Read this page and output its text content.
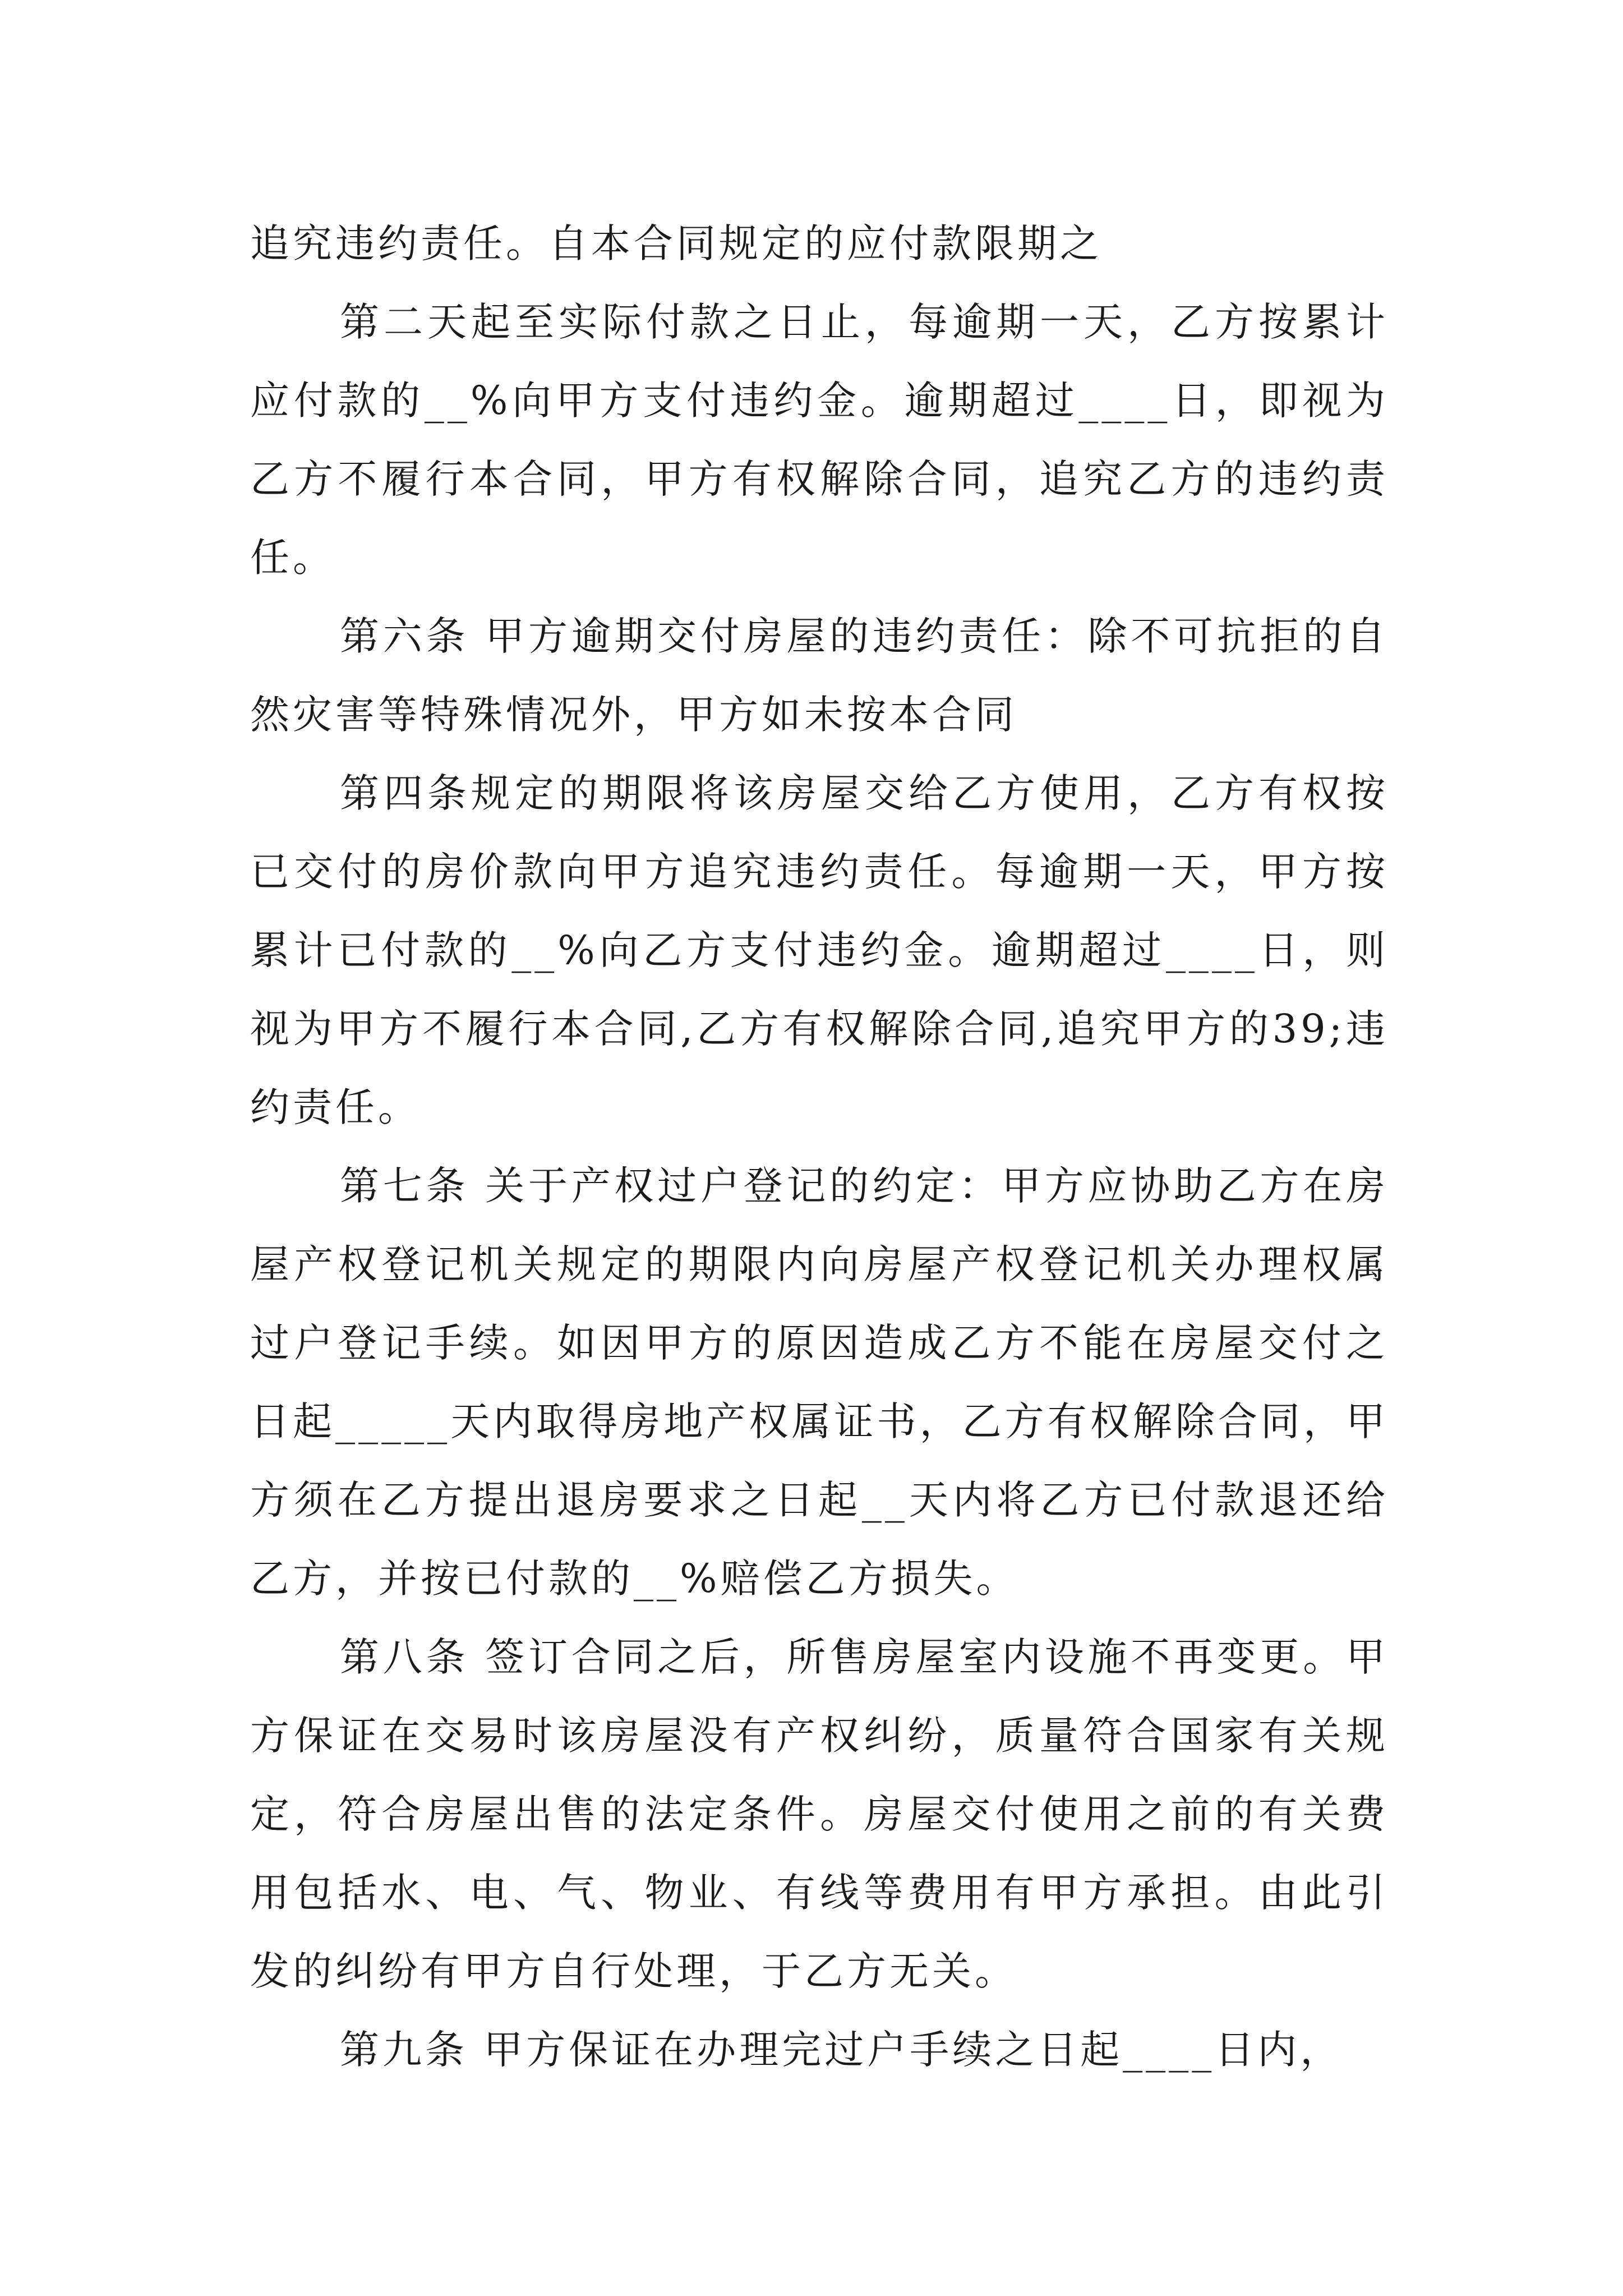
追究违约责任。自本合同规定的应付款限期之

第二天起至实际付款之日止，每逾期一天，乙方按累计应付款的__%向甲方支付违约金。逾期超过____日，即视为乙方不履行本合同，甲方有权解除合同，追究乙方的违约责任。

第六条 甲方逾期交付房屋的违约责任：除不可抗拒的自然灾害等特殊情况外，甲方如未按本合同

第四条规定的期限将该房屋交给乙方使用，乙方有权按已交付的房价款向甲方追究违约责任。每逾期一天，甲方按累计已付款的__%向乙方支付违约金。逾期超过____日，则视为甲方不履行本合同,乙方有权解除合同,追究甲方的39;违约责任。

第七条 关于产权过户登记的约定：甲方应协助乙方在房屋产权登记机关规定的期限内向房屋产权登记机关办理权属过户登记手续。如因甲方的原因造成乙方不能在房屋交付之日起_____天内取得房地产权属证书，乙方有权解除合同，甲方须在乙方提出退房要求之日起__天内将乙方已付款退还给乙方，并按已付款的__%赔偿乙方损失。

第八条 签订合同之后，所售房屋室内设施不再变更。甲方保证在交易时该房屋没有产权纠纷，质量符合国家有关规定，符合房屋出售的法定条件。房屋交付使用之前的有关费用包括水、电、气、物业、有线等费用有甲方承担。由此引发的纠纷有甲方自行处理，于乙方无关。

第九条 甲方保证在办理完过户手续之日起____日内，
